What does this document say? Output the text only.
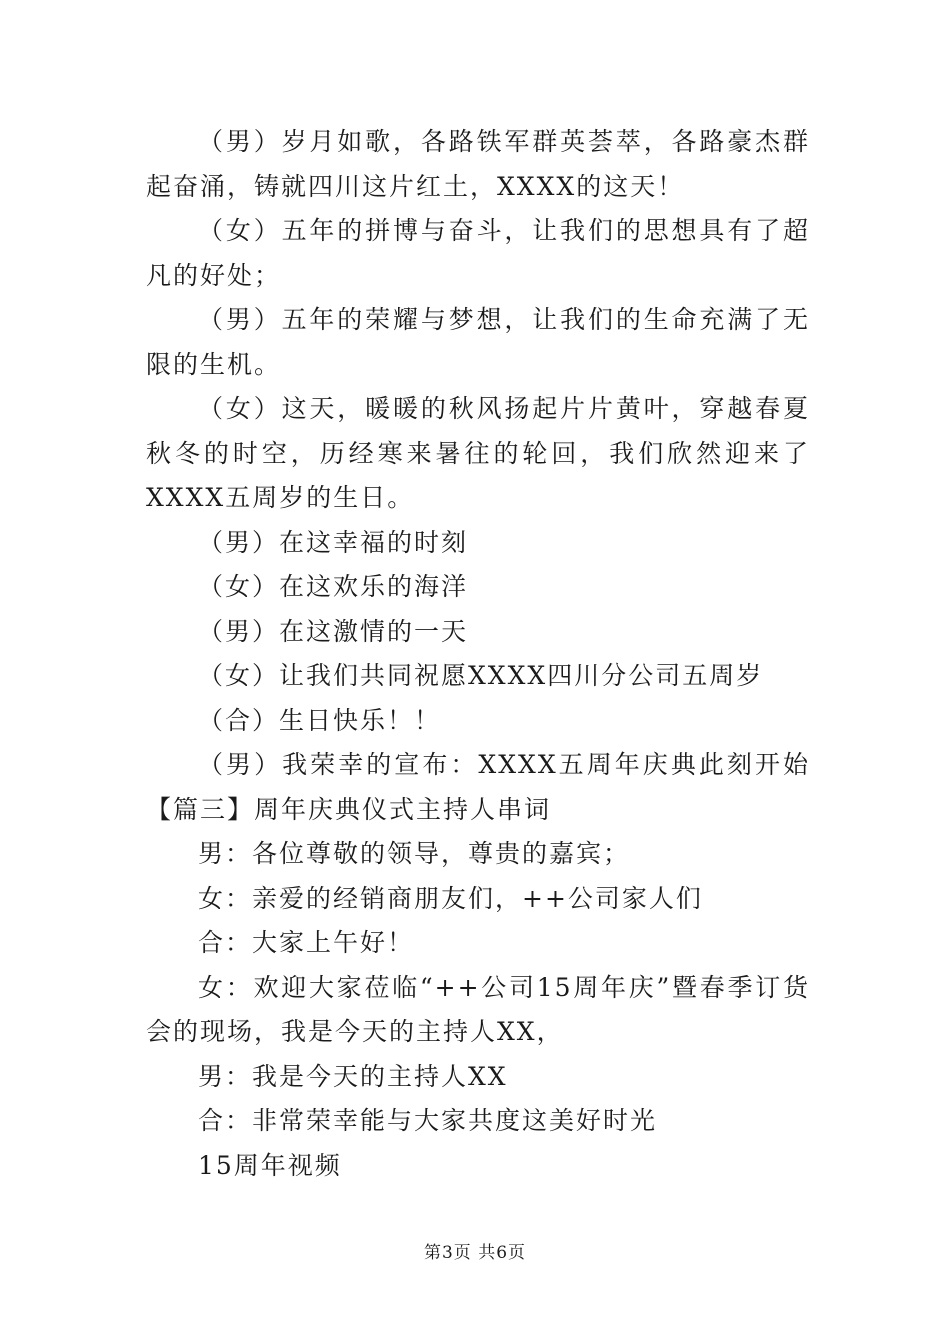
（男）岁月如歌，各路铁军群英荟萃，各路豪杰群起奋涌，铸就四川这片红土，XXXX的这天！

（女）五年的拼博与奋斗，让我们的思想具有了超凡的好处；

（男）五年的荣耀与梦想，让我们的生命充满了无限的生机。

（女）这天，暖暖的秋风扬起片片黄叶，穿越春夏秋冬的时空，历经寒来暑往的轮回，我们欣然迎来了XXXX五周岁的生日。

（男）在这幸福的时刻

（女）在这欢乐的海洋

（男）在这激情的一天

（女）让我们共同祝愿XXXX四川分公司五周岁

（合）生日快乐！！

（男）我荣幸的宣布：XXXX五周年庆典此刻开始【篇三】周年庆典仪式主持人串词

男：各位尊敬的领导，尊贵的嘉宾；

女：亲爱的经销商朋友们，++公司家人们

合：大家上午好！

女：欢迎大家莅临“++公司15周年庆”暨春季订货会的现场，我是今天的主持人XX，

男：我是今天的主持人XX

合：非常荣幸能与大家共度这美好时光

15周年视频

第3页 共6页
